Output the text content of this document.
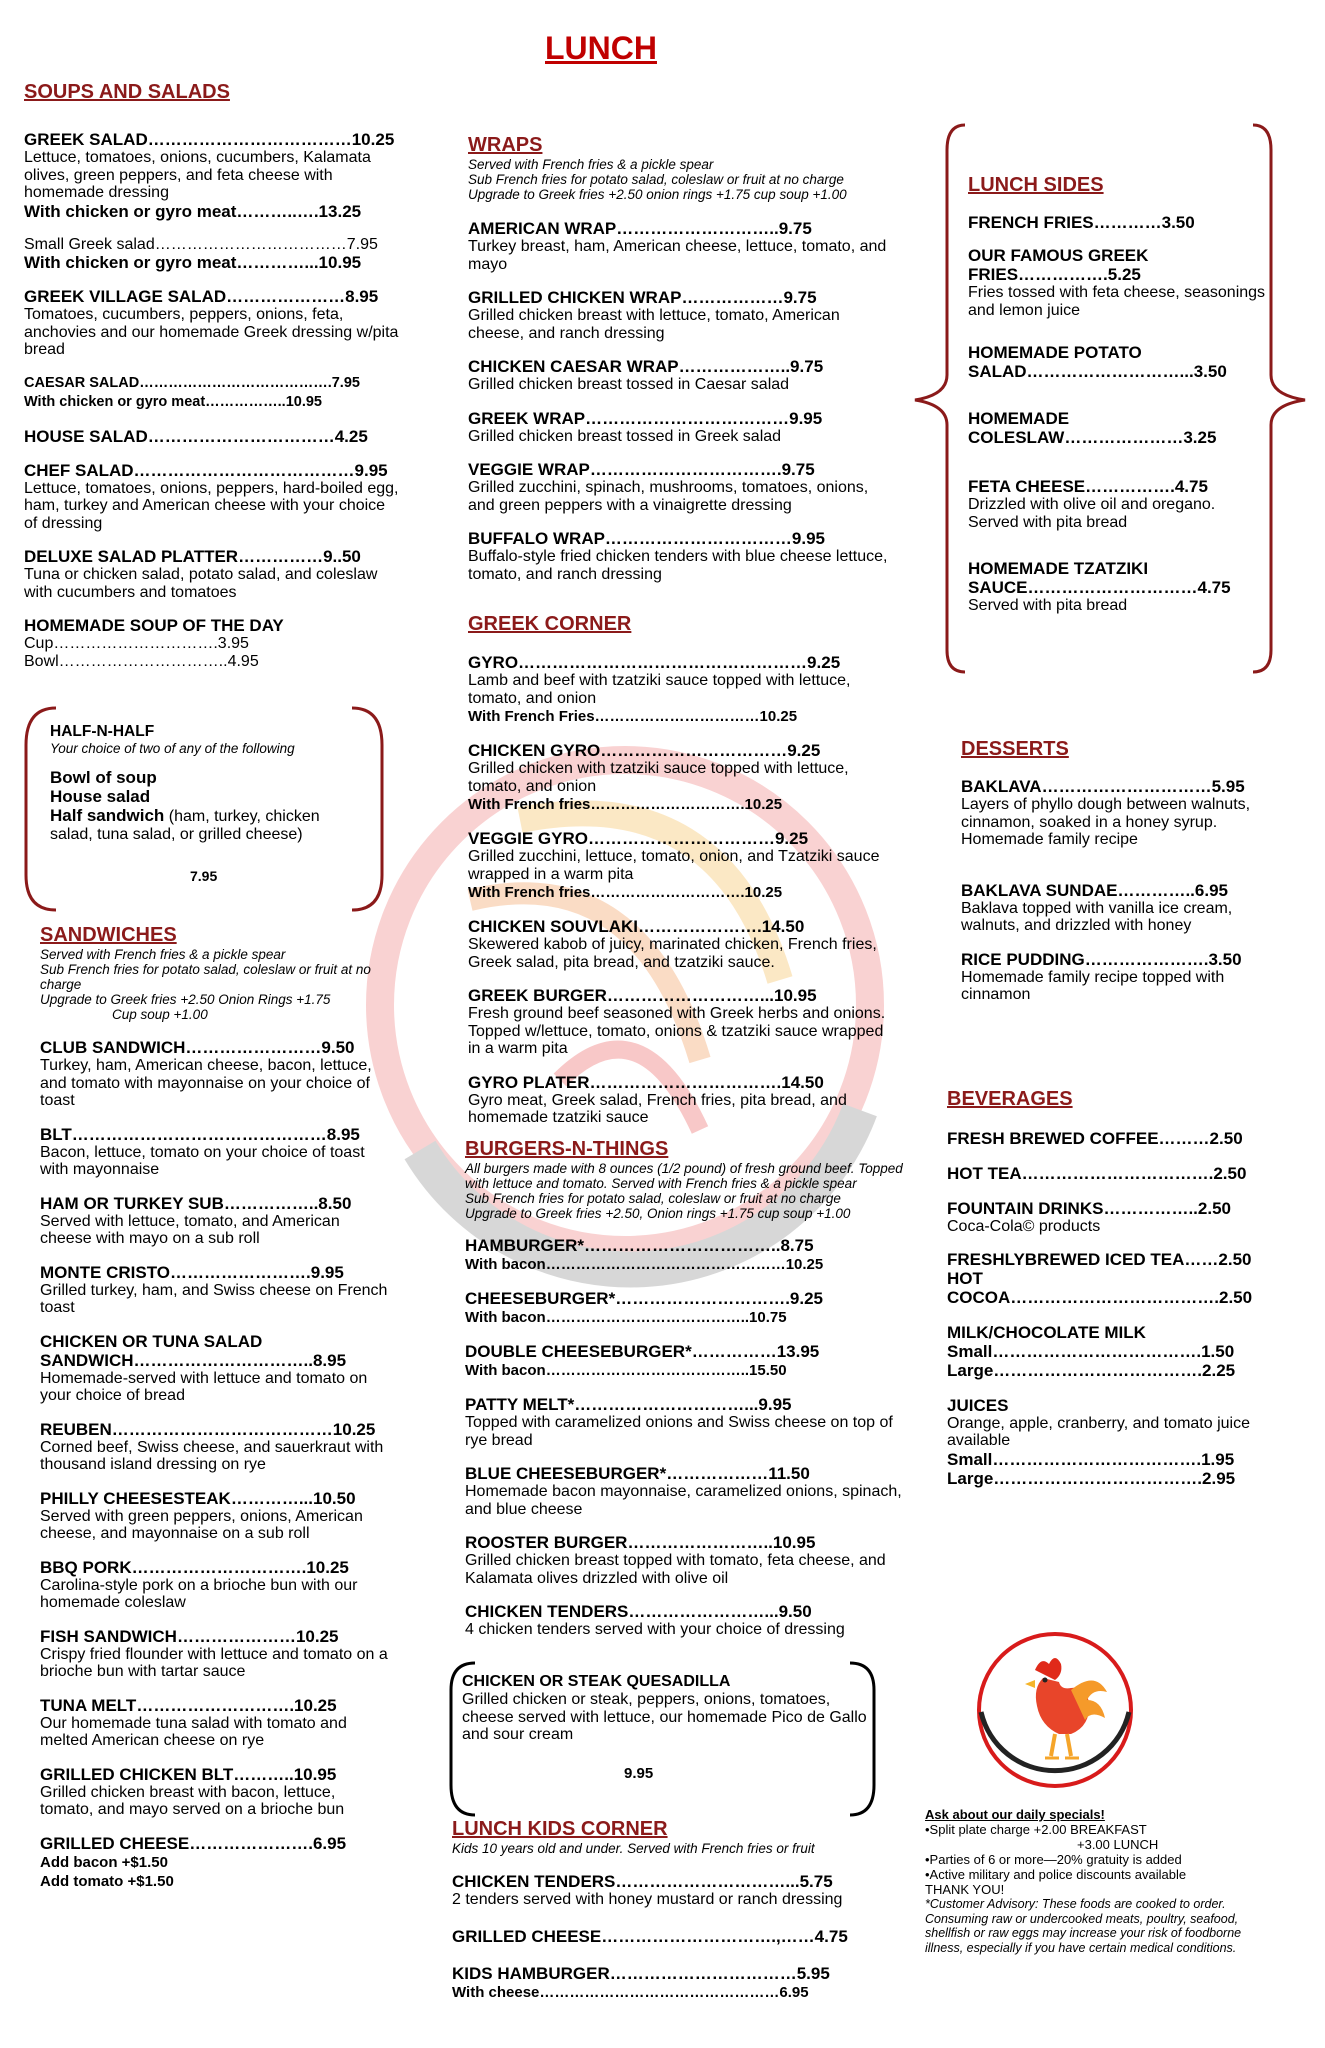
LUNCH
SOUPS AND SALADS
GREEK SALAD………………………………10.25
Lettuce, tomatoes, onions, cucumbers, Kalamata olives, green peppers, and feta cheese with homemade dressing
With chicken or gyro meat………..….13.25
Small Greek salad………………………………7.95
With chicken or gyro meat…………...10.95
GREEK VILLAGE SALAD…………………8.95
Tomatoes, cucumbers, peppers, onions, feta, anchovies and our homemade Greek dressing w/pita bread
CAESAR SALAD………………………………….7.95
With chicken or gyro meat……………..10.95
HOUSE SALAD……………………………4.25
CHEF SALAD…………………………………9.95
Lettuce, tomatoes, onions, peppers, hard-boiled egg, ham, turkey and American cheese with your choice of dressing
DELUXE SALAD PLATTER……………9..50
Tuna or chicken salad, potato salad, and coleslaw with cucumbers and tomatoes
HOMEMADE SOUP OF THE DAY
Cup………………………….3.95
Bowl…………………………..4.95
HALF-N-HALF
Your choice of two of any of the following
Bowl of soup
House salad
Half sandwich (ham, turkey, chicken salad, tuna salad, or grilled cheese)
7.95
SANDWICHES
Served with French fries & a pickle spear
Sub French fries for potato salad, coleslaw or fruit at no charge
Upgrade to Greek fries +2.50 Onion Rings +1.75
Cup soup +1.00
CLUB SANDWICH……………………9.50
Turkey, ham, American cheese, bacon, lettuce, and tomato with mayonnaise on your choice of toast
BLT………………………………………8.95
Bacon, lettuce, tomato on your choice of toast with mayonnaise
HAM OR TURKEY SUB……………..8.50
Served with lettuce, tomato, and American cheese with mayo on a sub roll
MONTE CRISTO…………………….9.95
Grilled turkey, ham, and Swiss cheese on French toast
CHICKEN OR TUNA SALAD SANDWICH…………………………..8.95
Homemade-served with lettuce and tomato on your choice of bread
REUBEN…………………………………10.25
Corned beef, Swiss cheese, and sauerkraut with thousand island dressing on rye
PHILLY CHEESESTEAK…………...10.50
Served with green peppers, onions, American cheese, and mayonnaise on a sub roll
BBQ PORK………………………….10.25
Carolina-style pork on a brioche bun with our homemade coleslaw
FISH SANDWICH…………………10.25
Crispy fried flounder with lettuce and tomato on a brioche bun with tartar sauce
TUNA MELT……………………….10.25
Our homemade tuna salad with tomato and melted American cheese on rye
GRILLED CHICKEN BLT………..10.95
Grilled chicken breast with bacon, lettuce, tomato, and mayo served on a brioche bun
GRILLED CHEESE………………….6.95
Add bacon +$1.50
Add tomato +$1.50
WRAPS
Served with French fries & a pickle spear
Sub French fries for potato salad, coleslaw or fruit at no charge
Upgrade to Greek fries +2.50 onion rings +1.75 cup soup +1.00
AMERICAN WRAP………………………..9.75
Turkey breast, ham, American cheese, lettuce, tomato, and mayo
GRILLED CHICKEN WRAP………………9.75
Grilled chicken breast with lettuce, tomato, American cheese, and ranch dressing
CHICKEN CAESAR WRAP………………..9.75
Grilled chicken breast tossed in Caesar salad
GREEK WRAP………………………………9.95
Grilled chicken breast tossed in Greek salad
VEGGIE WRAP…………………………….9.75
Grilled zucchini, spinach, mushrooms, tomatoes, onions, and green peppers with a vinaigrette dressing
BUFFALO WRAP……………………………9.95
Buffalo-style fried chicken tenders with blue cheese lettuce, tomato, and ranch dressing
GREEK CORNER
GYRO……………………………………………9.25
Lamb and beef with tzatziki sauce topped with lettuce, tomato, and onion
With French Fries……………………………10.25
CHICKEN GYRO……………………………9.25
Grilled chicken with tzatziki sauce topped with lettuce, tomato, and onion
With French fries………………………….10.25
VEGGIE GYRO……………………………9.25
Grilled zucchini, lettuce, tomato, onion, and Tzatziki sauce wrapped in a warm pita
With French fries………………………….10.25
CHICKEN SOUVLAKI………………….14.50
Skewered kabob of juicy, marinated chicken, French fries, Greek salad, pita bread, and tzatziki sauce.
GREEK BURGER………………………...10.95
Fresh ground beef seasoned with Greek herbs and onions. Topped w/lettuce, tomato, onions & tzatziki sauce wrapped in a warm pita
GYRO PLATER…………………………….14.50
Gyro meat, Greek salad, French fries, pita bread, and homemade tzatziki sauce
BURGERS-N-THINGS
All burgers made with 8 ounces (1/2 pound) of fresh ground beef. Topped with lettuce and tomato. Served with French fries & a pickle spear
Sub French fries for potato salad, coleslaw or fruit at no charge
Upgrade to Greek fries +2.50, Onion rings +1.75 cup soup +1.00
HAMBURGER*……………………………..8.75
With bacon…………………………………………10.25
CHEESEBURGER*………………………….9.25
With bacon…………………………………..10.75
DOUBLE CHEESEBURGER*……………13.95
With bacon…………………………………..15.50
PATTY MELT*…………………………...9.95
Topped with caramelized onions and Swiss cheese on top of rye bread
BLUE CHEESEBURGER*………………11.50
Homemade bacon mayonnaise, caramelized onions, spinach, and blue cheese
ROOSTER BURGER……………………..10.95
Grilled chicken breast topped with tomato, feta cheese, and Kalamata olives drizzled with olive oil
CHICKEN TENDERS……………………...9.50
4 chicken tenders served with your choice of dressing
CHICKEN OR STEAK QUESADILLA
Grilled chicken or steak, peppers, onions, tomatoes, cheese served with lettuce, our homemade Pico de Gallo and sour cream
9.95
LUNCH KIDS CORNER
Kids 10 years old and under. Served with French fries or fruit
CHICKEN TENDERS…………………………...5.75
2 tenders served with honey mustard or ranch dressing
GRILLED CHEESE………………………….,……4.75
KIDS HAMBURGER……………………………5.95
With cheese…………………………………………6.95
LUNCH SIDES
FRENCH FRIES…………3.50
OUR FAMOUS GREEK FRIES…………….5.25
Fries tossed with feta cheese, seasonings and lemon juice
HOMEMADE POTATO SALAD………………………...3.50
HOMEMADE COLESLAW…………………3.25
FETA CHEESE…………….4.75
Drizzled with olive oil and oregano. Served with pita bread
HOMEMADE TZATZIKI SAUCE…………………………4.75
Served with pita bread
DESSERTS
BAKLAVA…………………………5.95
Layers of phyllo dough between walnuts, cinnamon, soaked in a honey syrup. Homemade family recipe
BAKLAVA SUNDAE…………..6.95
Baklava topped with vanilla ice cream, walnuts, and drizzled with honey
RICE PUDDING………………….3.50
Homemade family recipe topped with cinnamon
BEVERAGES
FRESH BREWED COFFEE………2.50
HOT TEA…………………………….2.50
FOUNTAIN DRINKS……………..2.50
Coca-Cola© products
FRESHLYBREWED ICED TEA……2.50
HOT COCOA……………………………….2.50
MILK/CHOCOLATE MILK
Small……………………………….1.50
Large……………………………….2.25
JUICES
Orange, apple, cranberry, and tomato juice available
Small……………………………….1.95
Large……………………………….2.95
Ask about our daily specials!
•Split plate charge +2.00 BREAKFAST
+3.00 LUNCH
•Parties of 6 or more—20% gratuity is added
•Active military and police discounts available
THANK YOU!
*Customer Advisory: These foods are cooked to order. Consuming raw or undercooked meats, poultry, seafood, shellfish or raw eggs may increase your risk of foodborne illness, especially if you have certain medical conditions.
